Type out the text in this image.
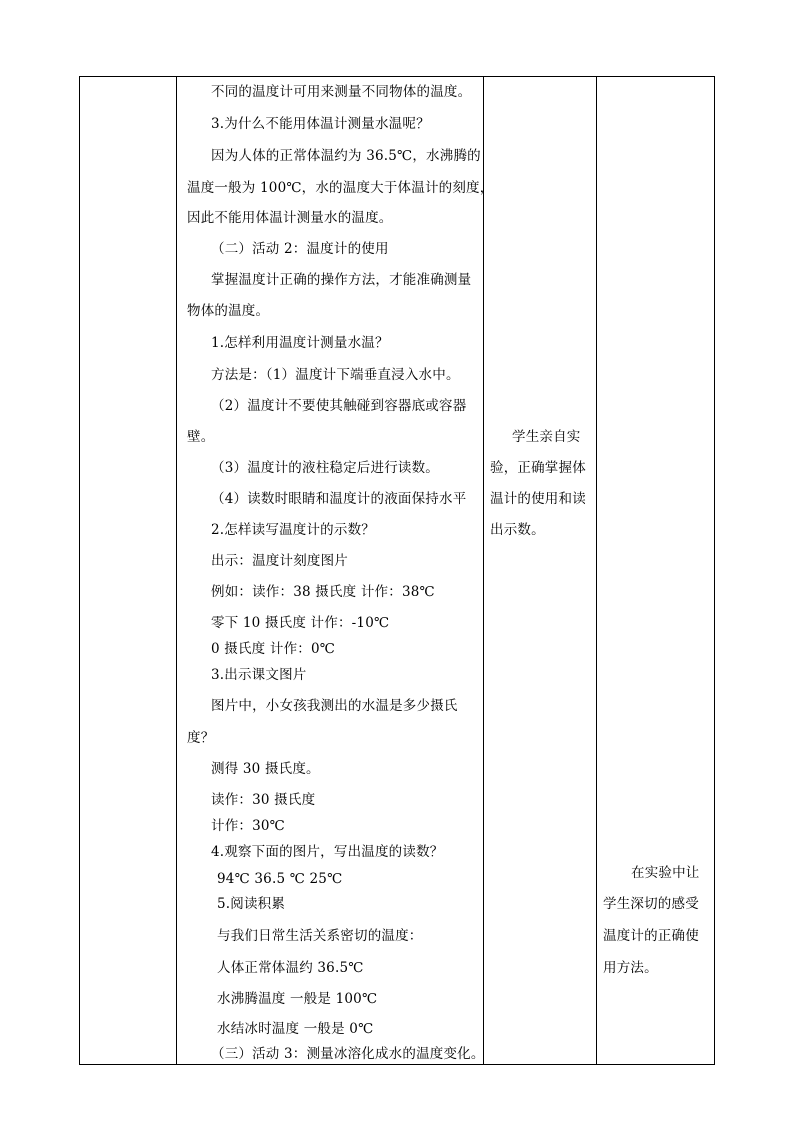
不同的温度计可用来测量不同物体的温度。
3.为什么不能用体温计测量水温呢？
因为人体的正常体温约为 36.5℃，水沸腾的
温度一般为 100℃，水的温度大于体温计的刻度，
因此不能用体温计测量水的温度。
（二）活动 2：温度计的使用
掌握温度计正确的操作方法，才能准确测量
物体的温度。
1.怎样利用温度计测量水温？
方法是：（1）温度计下端垂直浸入水中。
（2）温度计不要使其触碰到容器底或容器
壁。
（3）温度计的液柱稳定后进行读数。
（4）读数时眼睛和温度计的液面保持水平
2.怎样读写温度计的示数？
出示：温度计刻度图片
例如：读作：38 摄氏度 计作：38℃
零下 10 摄氏度 计作：-10℃
0 摄氏度 计作：0℃
3.出示课文图片
图片中，小女孩我测出的水温是多少摄氏
度？
测得 30 摄氏度。
读作：30 摄氏度
计作：30℃
4.观察下面的图片，写出温度的读数？
94℃ 36.5 ℃ 25℃
5.阅读积累
与我们日常生活关系密切的温度：
人体正常体温约 36.5℃
水沸腾温度 一般是 100℃
水结冰时温度 一般是 0℃
（三）活动 3：测量冰溶化成水的温度变化。
学生亲自实
验，正确掌握体
温计的使用和读
出示数。
在实验中让
学生深切的感受
温度计的正确使
用方法。
